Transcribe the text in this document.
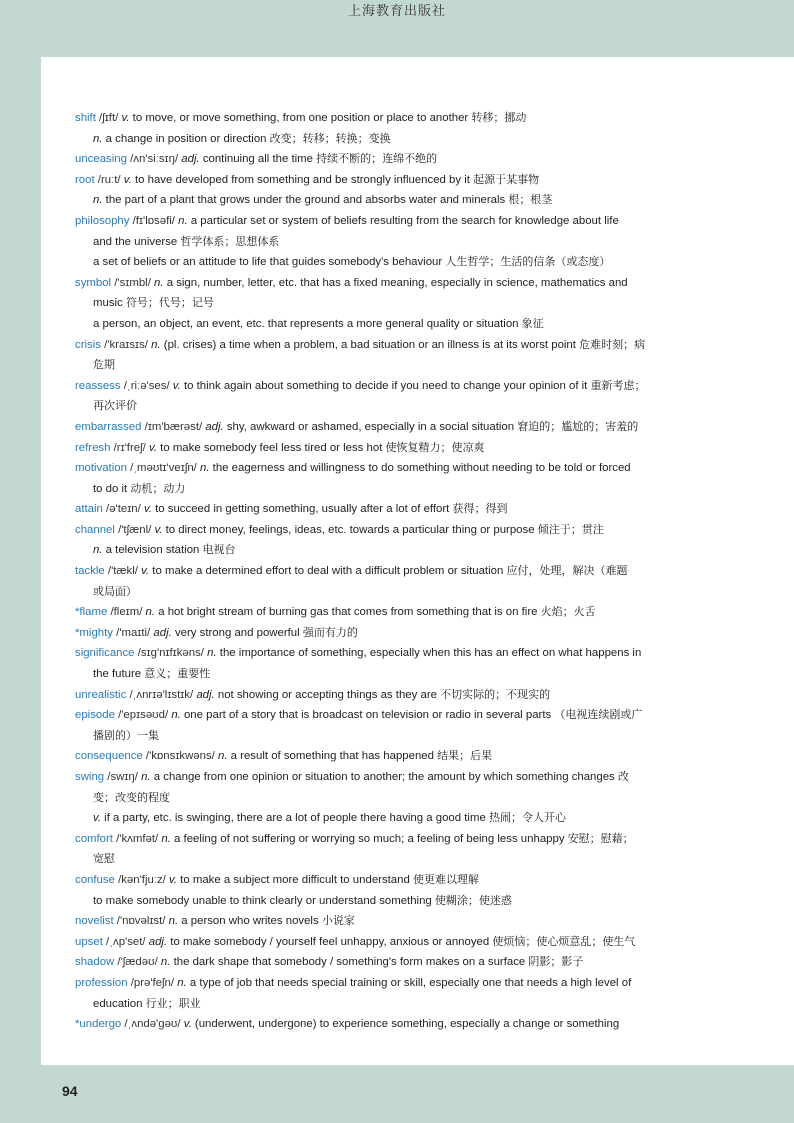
上海教育出版社
shift /ʃɪft/ v. to move, or move something, from one position or place to another 转移；挪动
n. a change in position or direction 改变；转移；转换；变换
unceasing /ʌn'siːsɪŋ/ adj. continuing all the time 持续不断的；连绵不绝的
root /ruːt/ v. to have developed from something and be strongly influenced by it 起源于某事物
n. the part of a plant that grows under the ground and absorbs water and minerals 根；根茎
philosophy /fɪ'lɒsəfi/ n. a particular set or system of beliefs resulting from the search for knowledge about life
and the universe 哲学体系；思想体系
a set of beliefs or an attitude to life that guides somebody's behaviour 人生哲学；生活的信条（或态度）
symbol /'sɪmbl/ n. a sign, number, letter, etc. that has a fixed meaning, especially in science, mathematics and
music 符号；代号；记号
a person, an object, an event, etc. that represents a more general quality or situation 象征
crisis /'kraɪsɪs/ n. (pl. crises) a time when a problem, a bad situation or an illness is at its worst point 危难时刻；病
危期
reassess /ˌriːə'ses/ v. to think again about something to decide if you need to change your opinion of it 重新考虑；
再次评价
embarrassed /ɪm'bærəst/ adj. shy, awkward or ashamed, especially in a social situation 窘迫的；尴尬的；害羞的
refresh /rɪ'freʃ/ v. to make somebody feel less tired or less hot 使恢复精力；使凉爽
motivation /ˌməʊtɪ'veɪʃn/ n. the eagerness and willingness to do something without needing to be told or forced
to do it 动机；动力
attain /ə'teɪn/ v. to succeed in getting something, usually after a lot of effort 获得；得到
channel /'tʃænl/ v. to direct money, feelings, ideas, etc. towards a particular thing or purpose 倾注于；贯注
n. a television station 电视台
tackle /'tækl/ v. to make a determined effort to deal with a difficult problem or situation 应付，处理，解决（难题
或局面）
*flame /fleɪm/ n. a hot bright stream of burning gas that comes from something that is on fire 火焰；火舌
*mighty /'maɪti/ adj. very strong and powerful 强而有力的
significance /sɪg'nɪfɪkəns/ n. the importance of something, especially when this has an effect on what happens in
the future 意义；重要性
unrealistic /ˌʌnrɪə'lɪstɪk/ adj. not showing or accepting things as they are 不切实际的；不现实的
episode /'epɪsəʊd/ n. one part of a story that is broadcast on television or radio in several parts （电视连续剧或广
播剧的）一集
consequence /'kɒnsɪkwəns/ n. a result of something that has happened 结果；后果
swing /swɪŋ/ n. a change from one opinion or situation to another; the amount by which something changes 改
变；改变的程度
v. if a party, etc. is swinging, there are a lot of people there having a good time 热闹；令人开心
comfort /'kʌmfət/ n. a feeling of not suffering or worrying so much; a feeling of being less unhappy 安慰；慰藉；
宽慰
confuse /kən'fjuːz/ v. to make a subject more difficult to understand 使更难以理解
to make somebody unable to think clearly or understand something 使糊涂；使迷惑
novelist /'nɒvəlɪst/ n. a person who writes novels 小说家
upset /ˌʌp'set/ adj. to make somebody / yourself feel unhappy, anxious or annoyed 使烦恼；使心烦意乱；使生气
shadow /'ʃædəʊ/ n. the dark shape that somebody / something's form makes on a surface 阴影；影子
profession /prə'feʃn/ n. a type of job that needs special training or skill, especially one that needs a high level of
education 行业；职业
*undergo /ˌʌndə'gəʊ/ v. (underwent, undergone) to experience something, especially a change or something
94
